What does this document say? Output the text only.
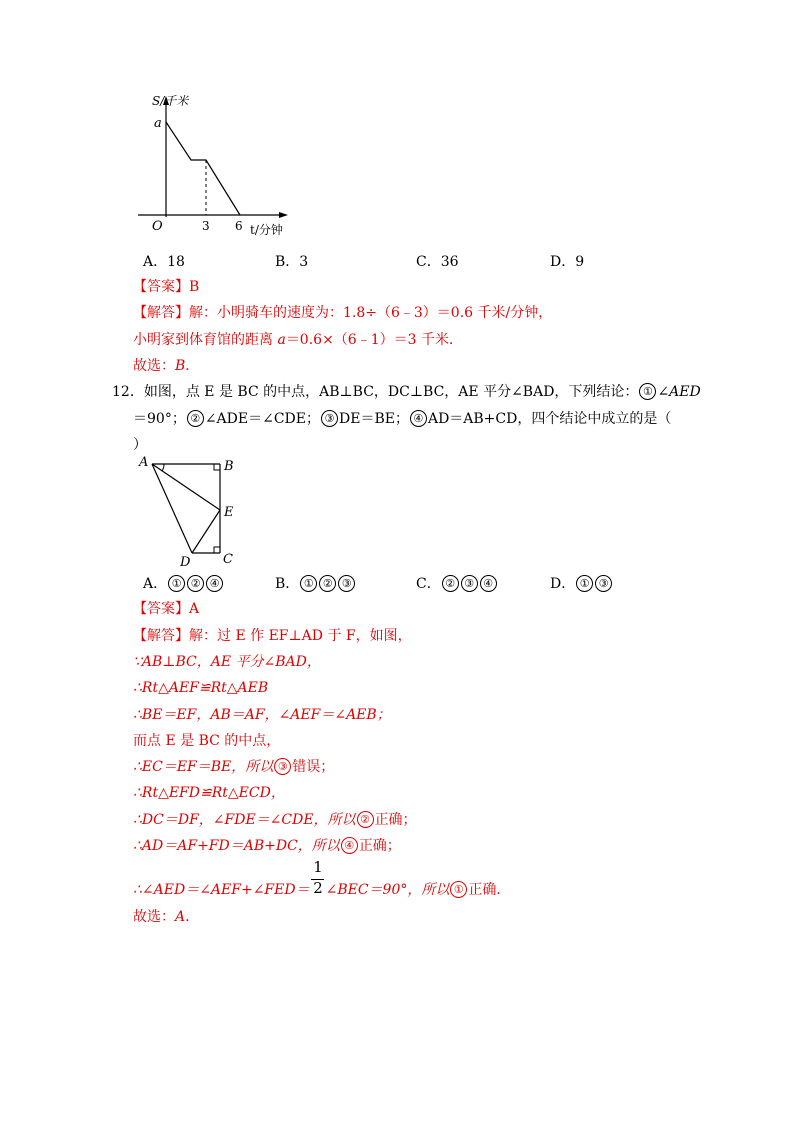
S/千米
a
O	3 6 t/分钟
A．18	B．3	C．36	D．9
【答案】B
【解答】解：小明骑车的速度为：1.8÷（6﹣3）＝0.6 千米/分钟，
小明家到体育馆的距离 a＝0.6×（6﹣1）＝3 千米．
故选：B．
12．如图，点 E 是 BC 的中点，AB⊥BC，DC⊥BC，AE 平分∠BAD，下列结论： ① ∠AED
＝90°； ② ∠ADE＝∠CDE； ③ DE＝BE； ④ AD＝AB+CD，四个结论中成立的是（
）
A	B
E
D	C
A． ① ② ④	B． ① ② ③	C． ② ③ ④	D． ① ③
【答案】A
【解答】解：过 E 作 EF⊥AD 于 F，如图，
∵AB⊥BC，AE 平分∠BAD，
∴Rt△AEF≌Rt△AEB
∴BE＝EF，AB＝AF，∠AEF＝∠AEB；
而点 E 是 BC 的中点，
∴EC＝EF＝BE，所以 ③ 错误；
∴Rt△EFD≌Rt△ECD，
∴DC＝DF，∠FDE＝∠CDE，所以 ② 正确；
∴AD＝AF+FD＝AB+DC，所以 ④ 正确；
1
2
∴∠AED＝∠AEF+∠FED＝ ∠BEC＝90°，所以 ① 正确．
故选：A．
